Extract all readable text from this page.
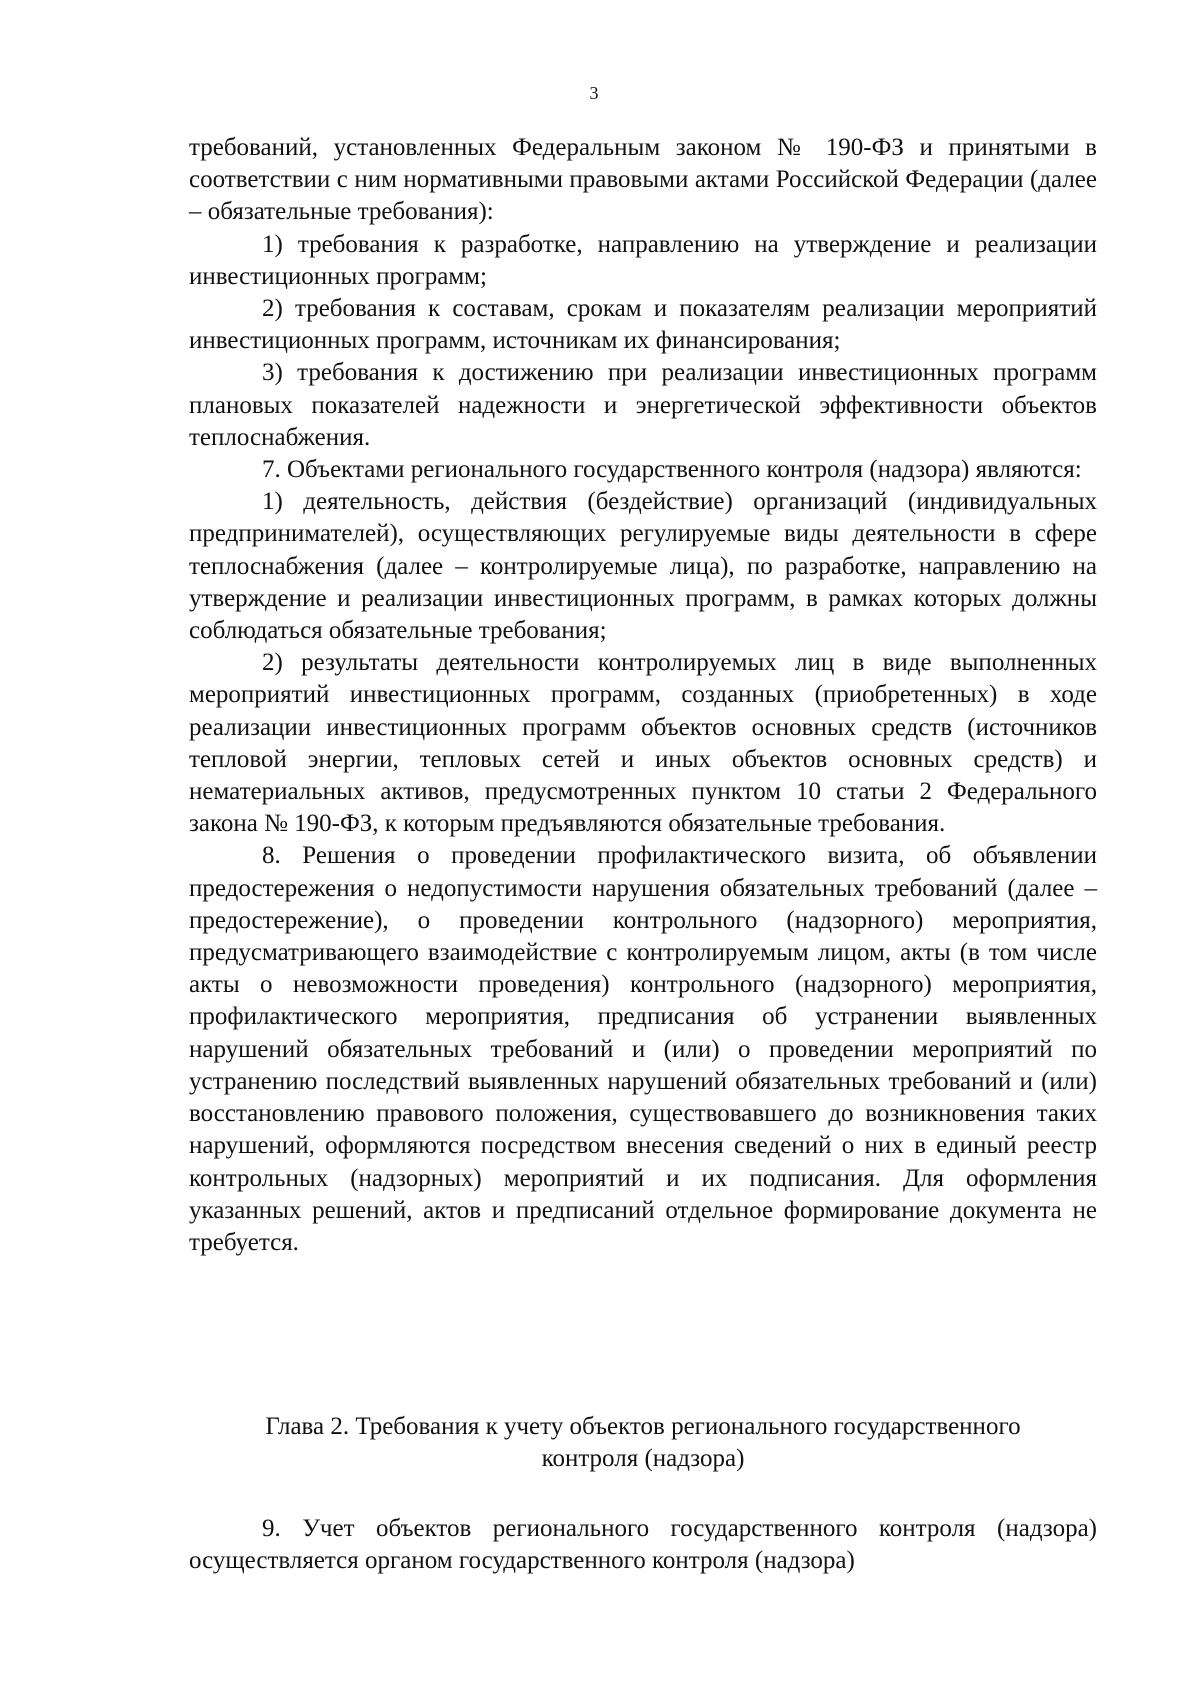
3

требований, установленных Федеральным законом № 190-ФЗ и принятыми в соответствии с ним нормативными правовыми актами Российской Федерации (далее – обязательные требования):

1) требования к разработке, направлению на утверждение и реализации инвестиционных программ;

2) требования к составам, срокам и показателям реализации мероприятий инвестиционных программ, источникам их финансирования;

3) требования к достижению при реализации инвестиционных программ плановых показателей надежности и энергетической эффективности объектов теплоснабжения.

7. Объектами регионального государственного контроля (надзора) являются:

1) деятельность, действия (бездействие) организаций (индивидуальных предпринимателей), осуществляющих регулируемые виды деятельности в сфере теплоснабжения (далее – контролируемые лица), по разработке, направлению на утверждение и реализации инвестиционных программ, в рамках которых должны соблюдаться обязательные требования;

2) результаты деятельности контролируемых лиц в виде выполненных мероприятий инвестиционных программ, созданных (приобретенных) в ходе реализации инвестиционных программ объектов основных средств (источников тепловой энергии, тепловых сетей и иных объектов основных средств) и нематериальных активов, предусмотренных пунктом 10 статьи 2 Федерального закона № 190-ФЗ, к которым предъявляются обязательные требования.

8. Решения о проведении профилактического визита, об объявлении предостережения о недопустимости нарушения обязательных требований (далее – предостережение), о проведении контрольного (надзорного) мероприятия, предусматривающего взаимодействие с контролируемым лицом, акты (в том числе акты о невозможности проведения) контрольного (надзорного) мероприятия, профилактического мероприятия, предписания об устранении выявленных нарушений обязательных требований и (или) о проведении мероприятий по устранению последствий выявленных нарушений обязательных требований и (или) восстановлению правового положения, существовавшего до возникновения таких нарушений, оформляются посредством внесения сведений о них в единый реестр контрольных (надзорных) мероприятий и их подписания. Для оформления указанных решений, актов и предписаний отдельное формирование документа не требуется.

Глава 2. Требования к учету объектов регионального государственного
контроля (надзора)

9. Учет объектов регионального государственного контроля (надзора) осуществляется органом государственного контроля (надзора)
